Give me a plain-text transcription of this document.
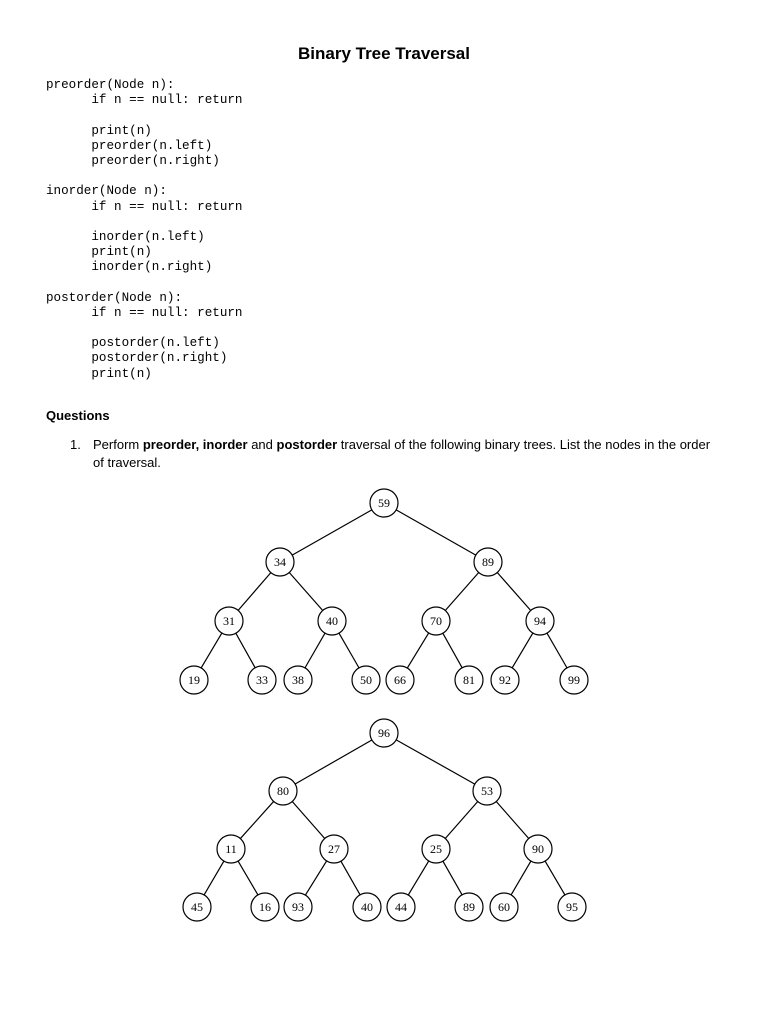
Binary Tree Traversal
preorder(Node n):
if n == null: return
print(n)
preorder(n.left)
preorder(n.right)
inorder(Node n):
if n == null: return
inorder(n.left)
print(n)
inorder(n.right)
postorder(Node n):
if n == null: return
postorder(n.left)
postorder(n.right)
print(n)
Questions
1. Perform preorder, inorder and postorder traversal of the following binary trees. List the nodes in the order of traversal.
59
34	89
31	40	70	94
19	33 38	50 66	81 92	99
96
80	53
11	27	25	90
45	16 93	40 44	89 60	95
